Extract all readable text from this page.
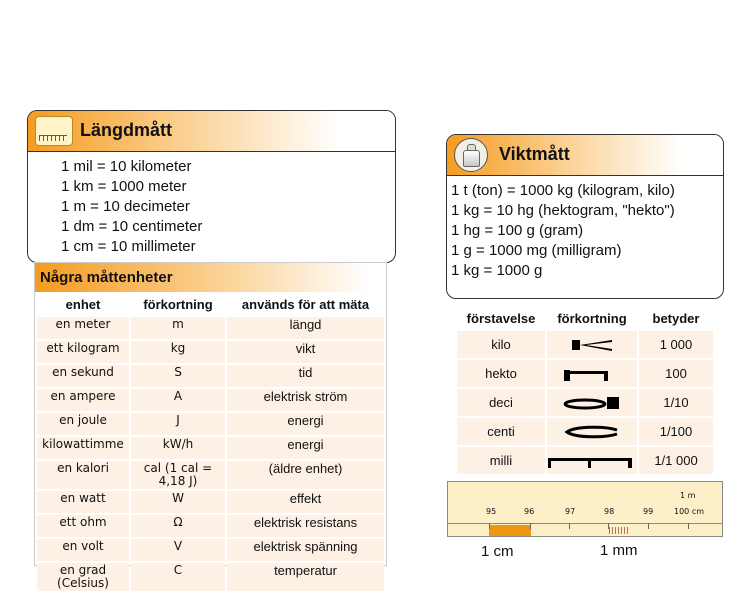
Längdmått
1 mil = 10 kilometer
1 km = 1000 meter
1 m = 10 decimeter
1 dm = 10 centimeter
1 cm = 10 millimeter
Några måttenheter
enhet	förkortning	används för att mäta
en meter	m	längd
ett kilogram	kg	vikt
en sekund	S	tid
en ampere	A	elektrisk ström
en joule	J	energi
kilowattimme	kW/h	energi
en kalori	cal (1 cal = 4,18 J)	(äldre enhet)
en watt	W	effekt
ett ohm	Ω	elektrisk resistans
en volt	V	elektrisk spänning
en grad (Celsius)	C	temperatur
Viktmått
1 t (ton) = 1000 kg (kilogram, kilo)
1 kg = 10 hg (hektogram, "hekto")
1 hg = 100 g (gram)
1 g = 1000 mg (milligram)
1 kg = 1000 g
förstavelse	förkortning	betyder
kilo	k	1 000
hekto	h	100
deci	d	1/10
centi	c	1/100
milli	m	1/1 000
1 m
95	96	97	98	99	100 cm
1 cm	1 mm
